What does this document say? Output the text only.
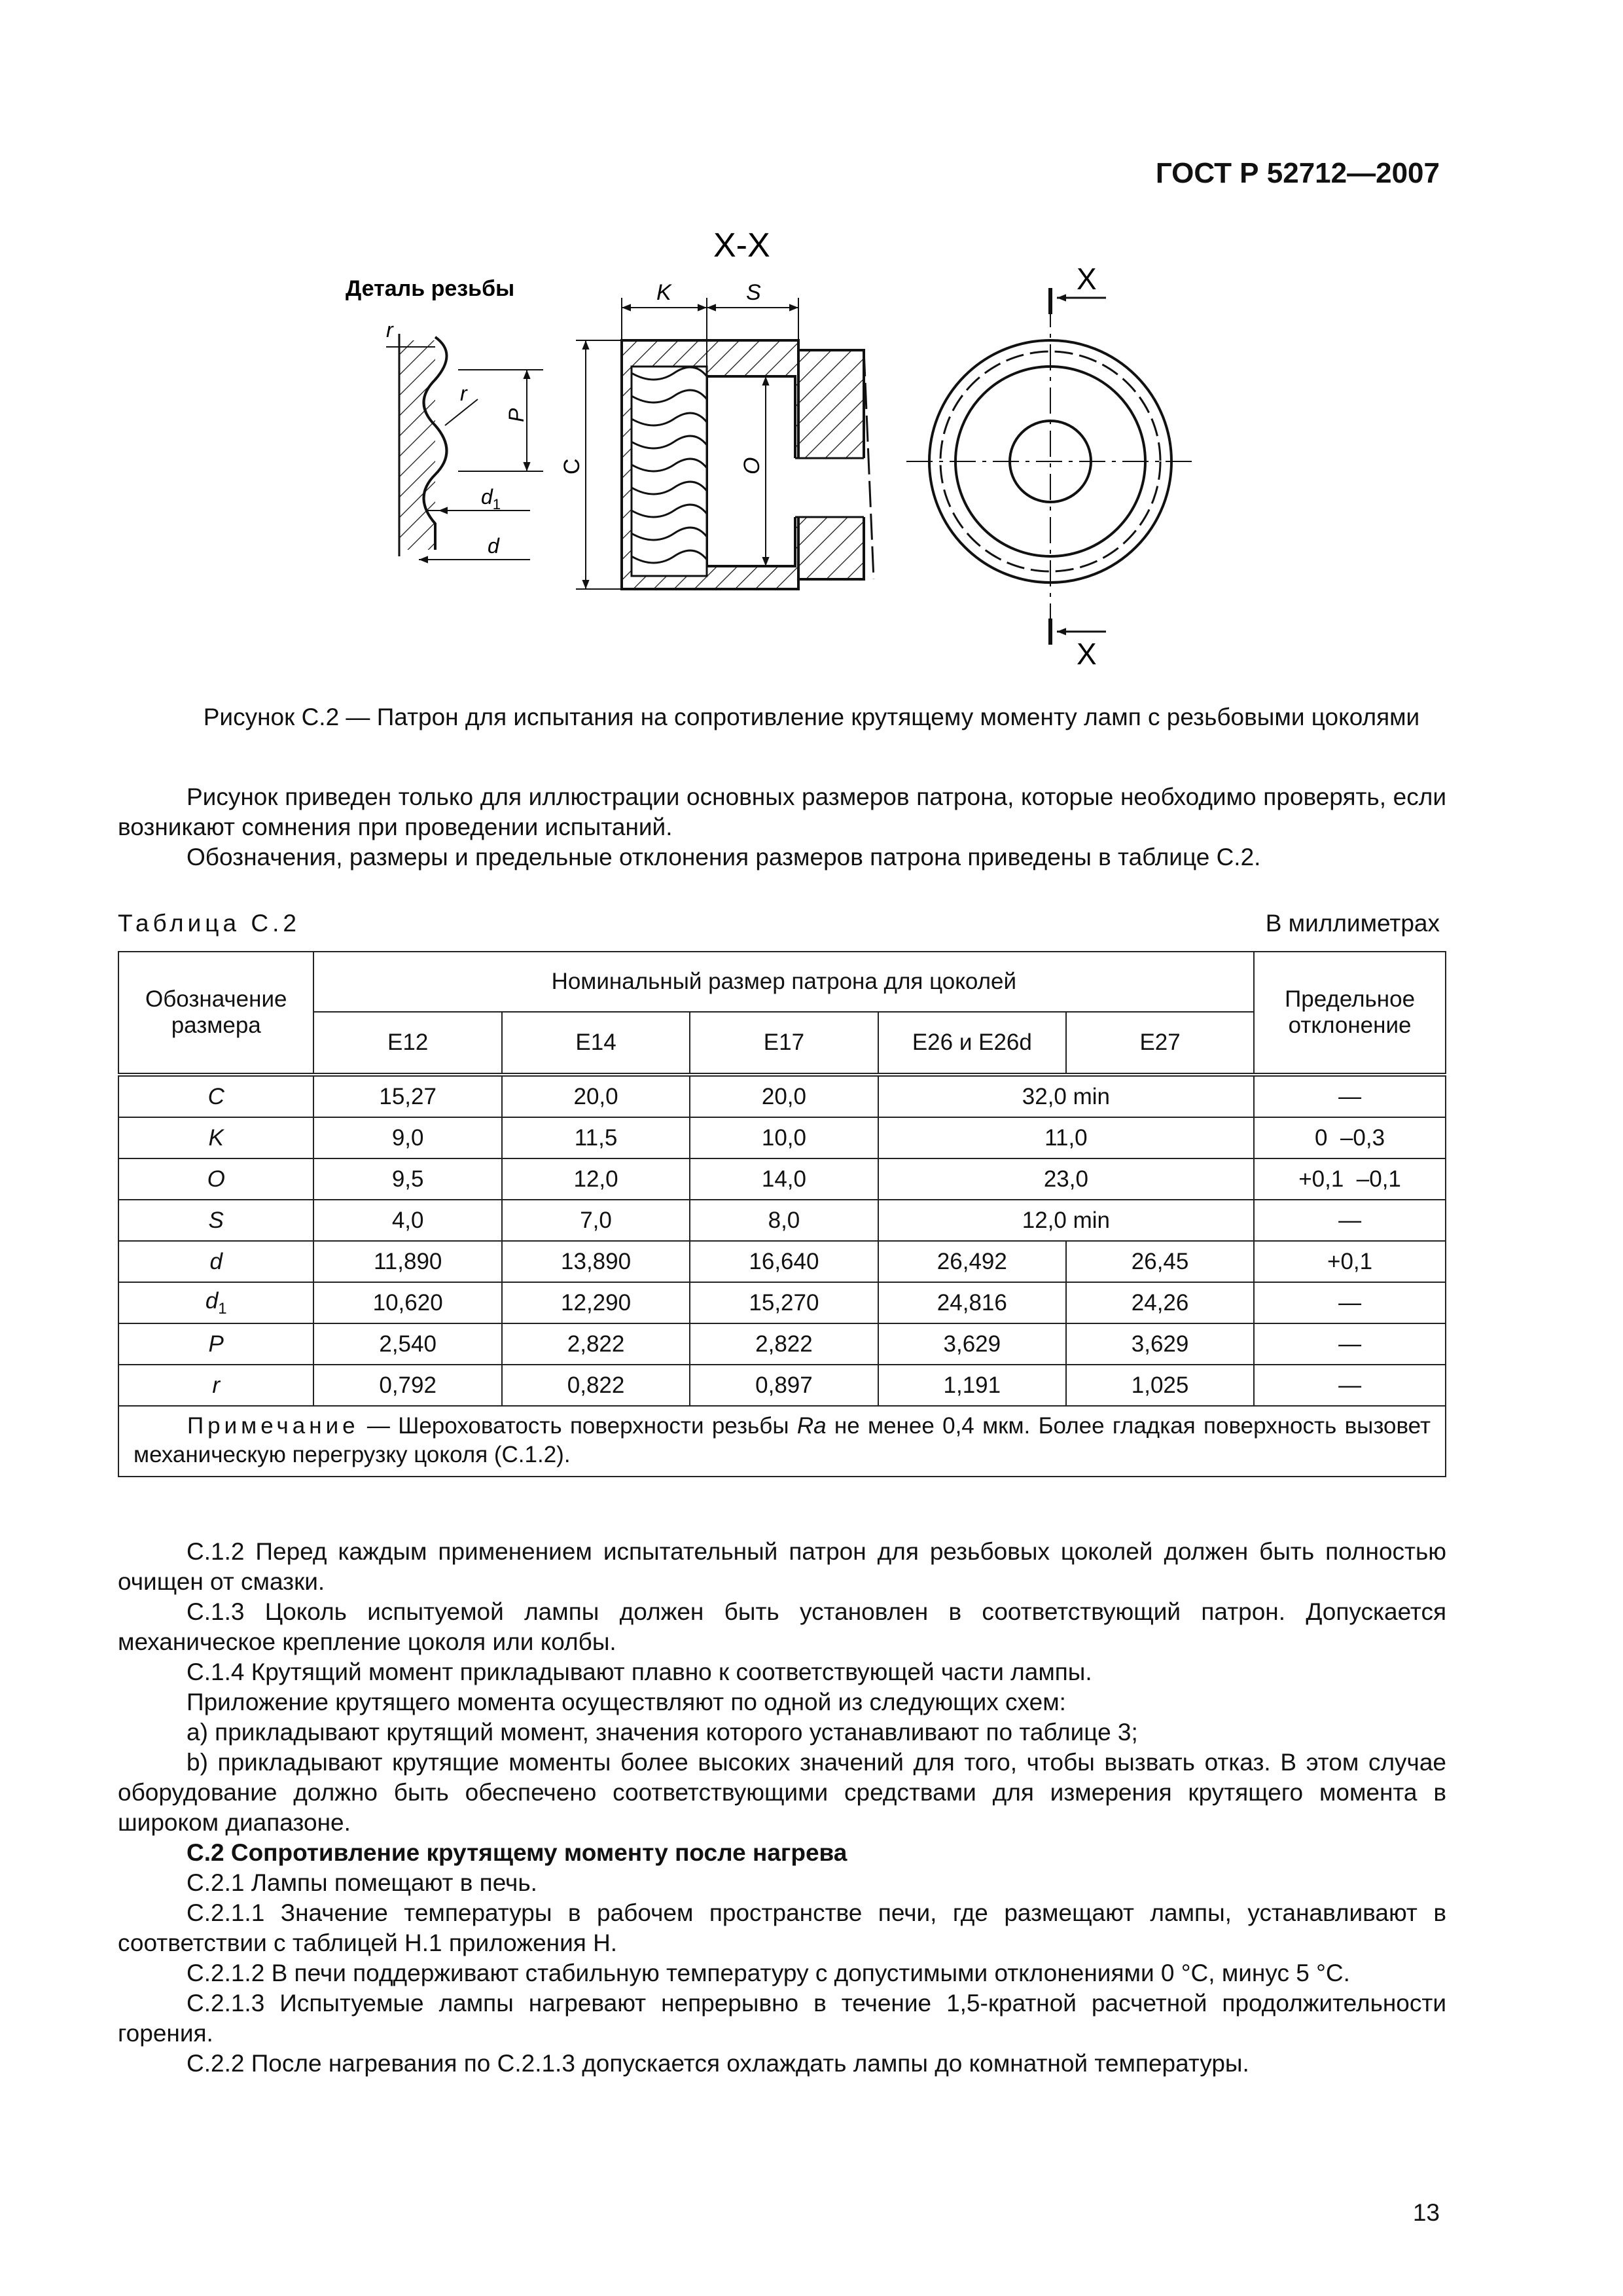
ГОСТ Р 52712—2007
Х-Х
Деталь резьбы
r
r
P
$d_1$
d
K	S
C	O
X
X
Рисунок С.2 — Патрон для испытания на сопротивление крутящему моменту ламп с резьбовыми цоколями
Рисунок приведен только для иллюстрации основных размеров патрона, которые необходимо проверять, если возникают сомнения при проведении испытаний.
Обозначения, размеры и предельные отклонения размеров патрона приведены в таблице С.2.
Таблица С.2	В миллиметрах
Обозначение размера	Номинальный размер патрона для цоколей					Предельное отклонение
	Е12	Е14	Е17	Е26 и Е26d	Е27	
C	15,27	20,0	20,0	32,0 min		—
K	9,0	11,5	10,0	11,0		0  –0,3
O	9,5	12,0	14,0	23,0		+0,1  –0,1
S	4,0	7,0	8,0	12,0 min		—
d	11,890	13,890	16,640	26,492	26,45	+0,1
$d_1$	10,620	12,290	15,270	24,816	24,26	—
P	2,540	2,822	2,822	3,629	3,629	—
r	0,792	0,822	0,897	1,191	1,025	—
Примечание — Шероховатость поверхности резьбы Ra не менее 0,4 мкм. Более гладкая поверхность вызовет механическую перегрузку цоколя (С.1.2).						
С.1.2 Перед каждым применением испытательный патрон для резьбовых цоколей должен быть полностью очищен от смазки.
С.1.3 Цоколь испытуемой лампы должен быть установлен в соответствующий патрон. Допускается механическое крепление цоколя или колбы.
С.1.4 Крутящий момент прикладывают плавно к соответствующей части лампы.
Приложение крутящего момента осуществляют по одной из следующих схем:
а) прикладывают крутящий момент, значения которого устанавливают по таблице 3;
b) прикладывают крутящие моменты более высоких значений для того, чтобы вызвать отказ. В этом случае оборудование должно быть обеспечено соответствующими средствами для измерения крутящего момента в широком диапазоне.
С.2 Сопротивление крутящему моменту после нагрева
С.2.1 Лампы помещают в печь.
С.2.1.1 Значение температуры в рабочем пространстве печи, где размещают лампы, устанавливают в соответствии с таблицей Н.1 приложения Н.
С.2.1.2 В печи поддерживают стабильную температуру с допустимыми отклонениями 0 °С, минус 5 °С.
С.2.1.3 Испытуемые лампы нагревают непрерывно в течение 1,5-кратной расчетной продолжительности горения.
С.2.2 После нагревания по С.2.1.3 допускается охлаждать лампы до комнатной температуры.
13
